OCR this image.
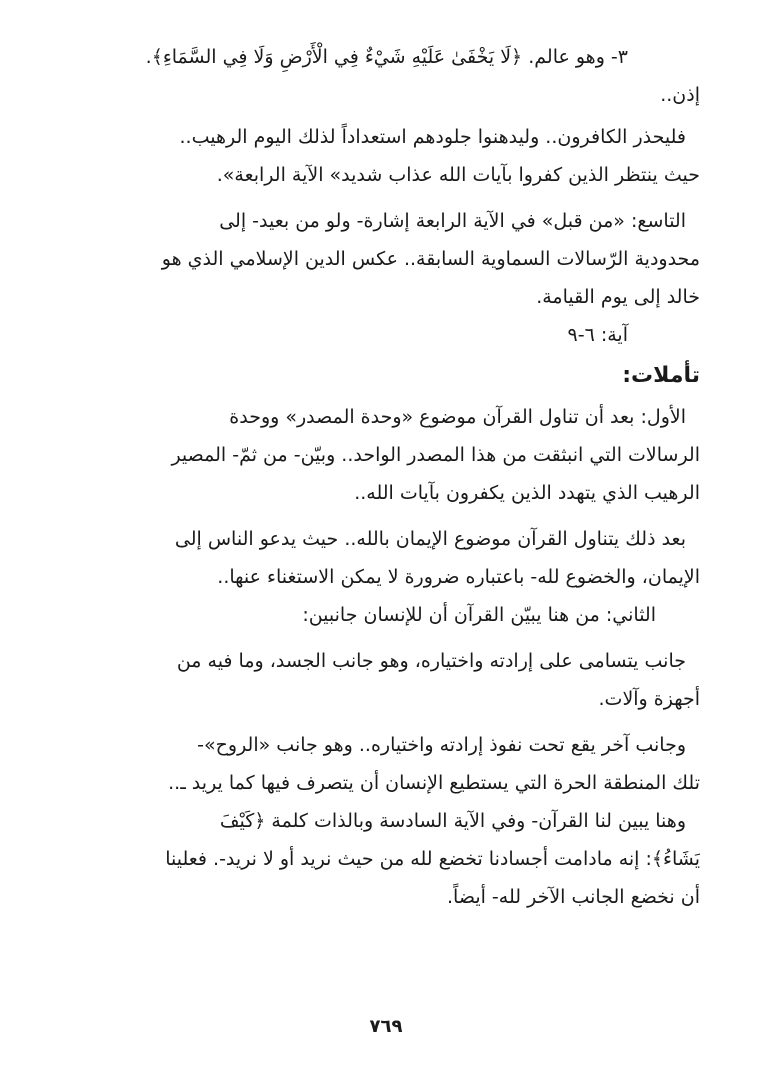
٣- وهو عالم. ﴿لَا يَخْفَىٰ عَلَيْهِ شَيْءٌ فِي الْأَرْضِ وَلَا فِي السَّمَاءِ﴾.
إذن..
فليحذر الكافرون.. وليدهنوا جلودهم استعداداً لذلك اليوم الرهيب..
حيث ينتظر الذين كفروا بآيات الله عذاب شديد» الآية الرابعة».
التاسع: «من قبل» في الآية الرابعة إشارة- ولو من بعيد- إلى
محدودية الرّسالات السماوية السابقة.. عكس الدين الإسلامي الذي هو
خالد إلى يوم القيامة.
آية: ٦-٩
تأملات:
الأول: بعد أن تناول القرآن موضوع «وحدة المصدر» ووحدة
الرسالات التي انبثقت من هذا المصدر الواحد.. وبيّن- من ثمّ- المصير
الرهيب الذي يتهدد الذين يكفرون بآيات الله..
بعد ذلك يتناول القرآن موضوع الإيمان بالله.. حيث يدعو الناس إلى
الإيمان، والخضوع لله- باعتباره ضرورة لا يمكن الاستغناء عنها..
الثاني: من هنا يبيّن القرآن أن للإنسان جانبين:
جانب يتسامى على إرادته واختياره، وهو جانب الجسد، وما فيه من
أجهزة وآلات.
وجانب آخر يقع تحت نفوذ إرادته واختياره.. وهو جانب «الروح»-
تلك المنطقة الحرة التي يستطيع الإنسان أن يتصرف فيها كما يريد ـ..
وهنا يبين لنا القرآن- وفي الآية السادسة وبالذات كلمة ﴿كَيْفَ
يَشَاءُ﴾: إنه مادامت أجسادنا تخضع لله من حيث نريد أو لا نريد-. فعلينا
أن نخضع الجانب الآخر لله- أيضاً.
٧٦٩
